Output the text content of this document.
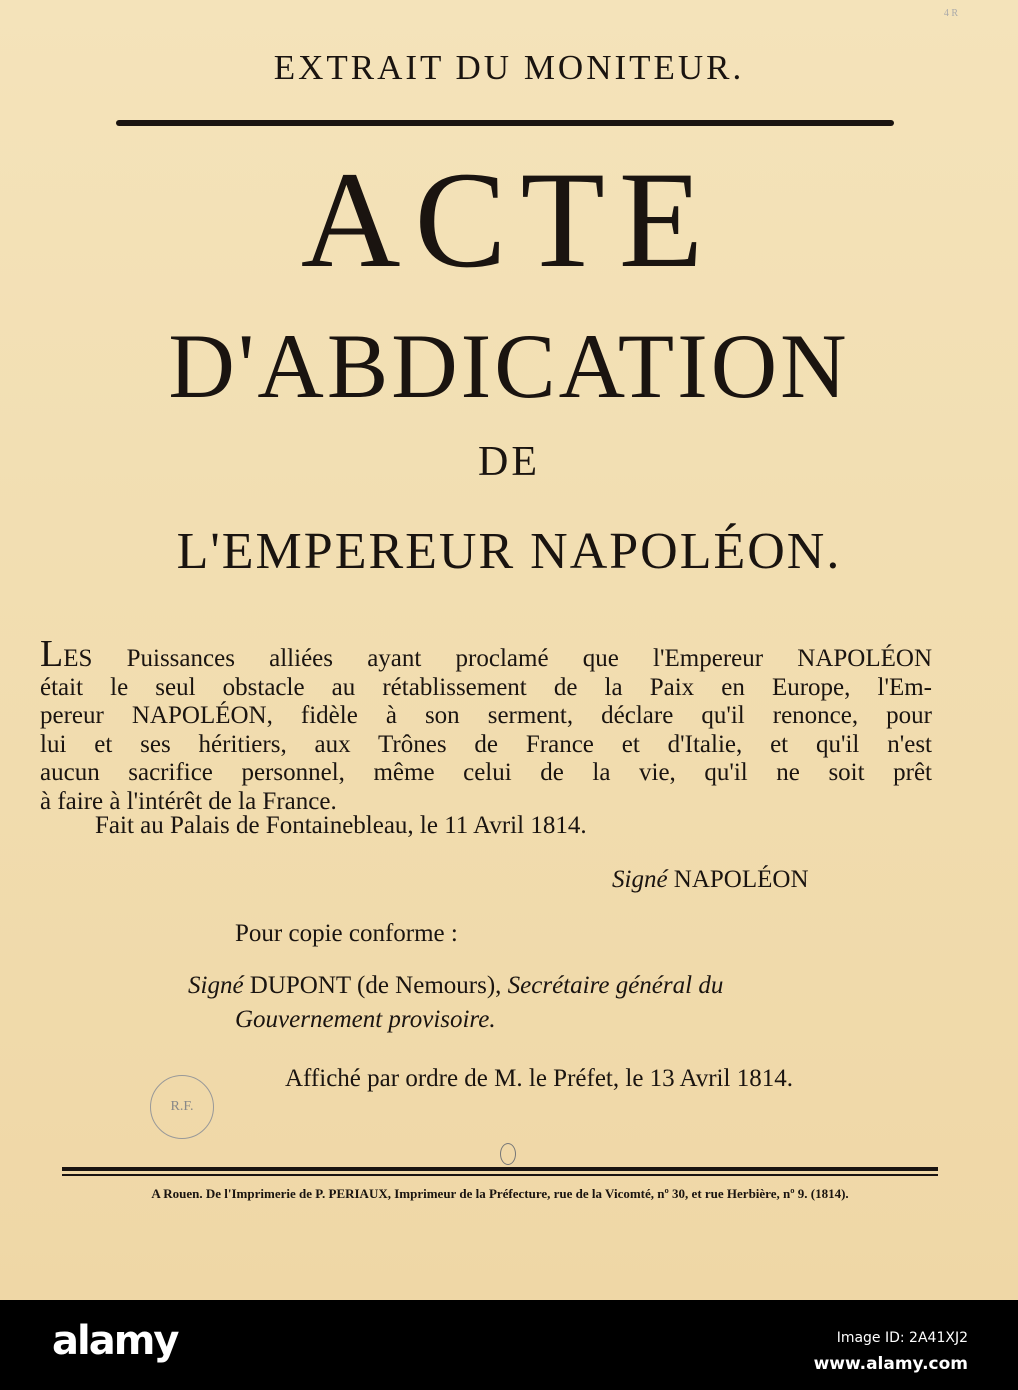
4 R
EXTRAIT DU MONITEUR.
ACTE
D'ABDICATION
DE
L'EMPEREUR NAPOLÉON.
LES Puissances alliées ayant proclamé que l'Empereur NAPOLÉON
était le seul obstacle au rétablissement de la Paix en Europe, l'Em-
pereur NAPOLÉON, fidèle à son serment, déclare qu'il renonce, pour
lui et ses héritiers, aux Trônes de France et d'Italie, et qu'il n'est
aucun sacrifice personnel, même celui de la vie, qu'il ne soit prêt
à faire à l'intérêt de la France.
Fait au Palais de Fontainebleau, le 11 Avril 1814.
Signé NAPOLÉON
Pour copie conforme :
Signé DUPONT (de Nemours), Secrétaire général du
Gouvernement provisoire.
R.F.
Affiché par ordre de M. le Préfet, le 13 Avril 1814.
A Rouen. De l'Imprimerie de P. PERIAUX, Imprimeur de la Préfecture, rue de la Vicomté, nº 30, et rue Herbière, nº 9. (1814).
alamy	Image ID: 2A41XJ2
www.alamy.com
